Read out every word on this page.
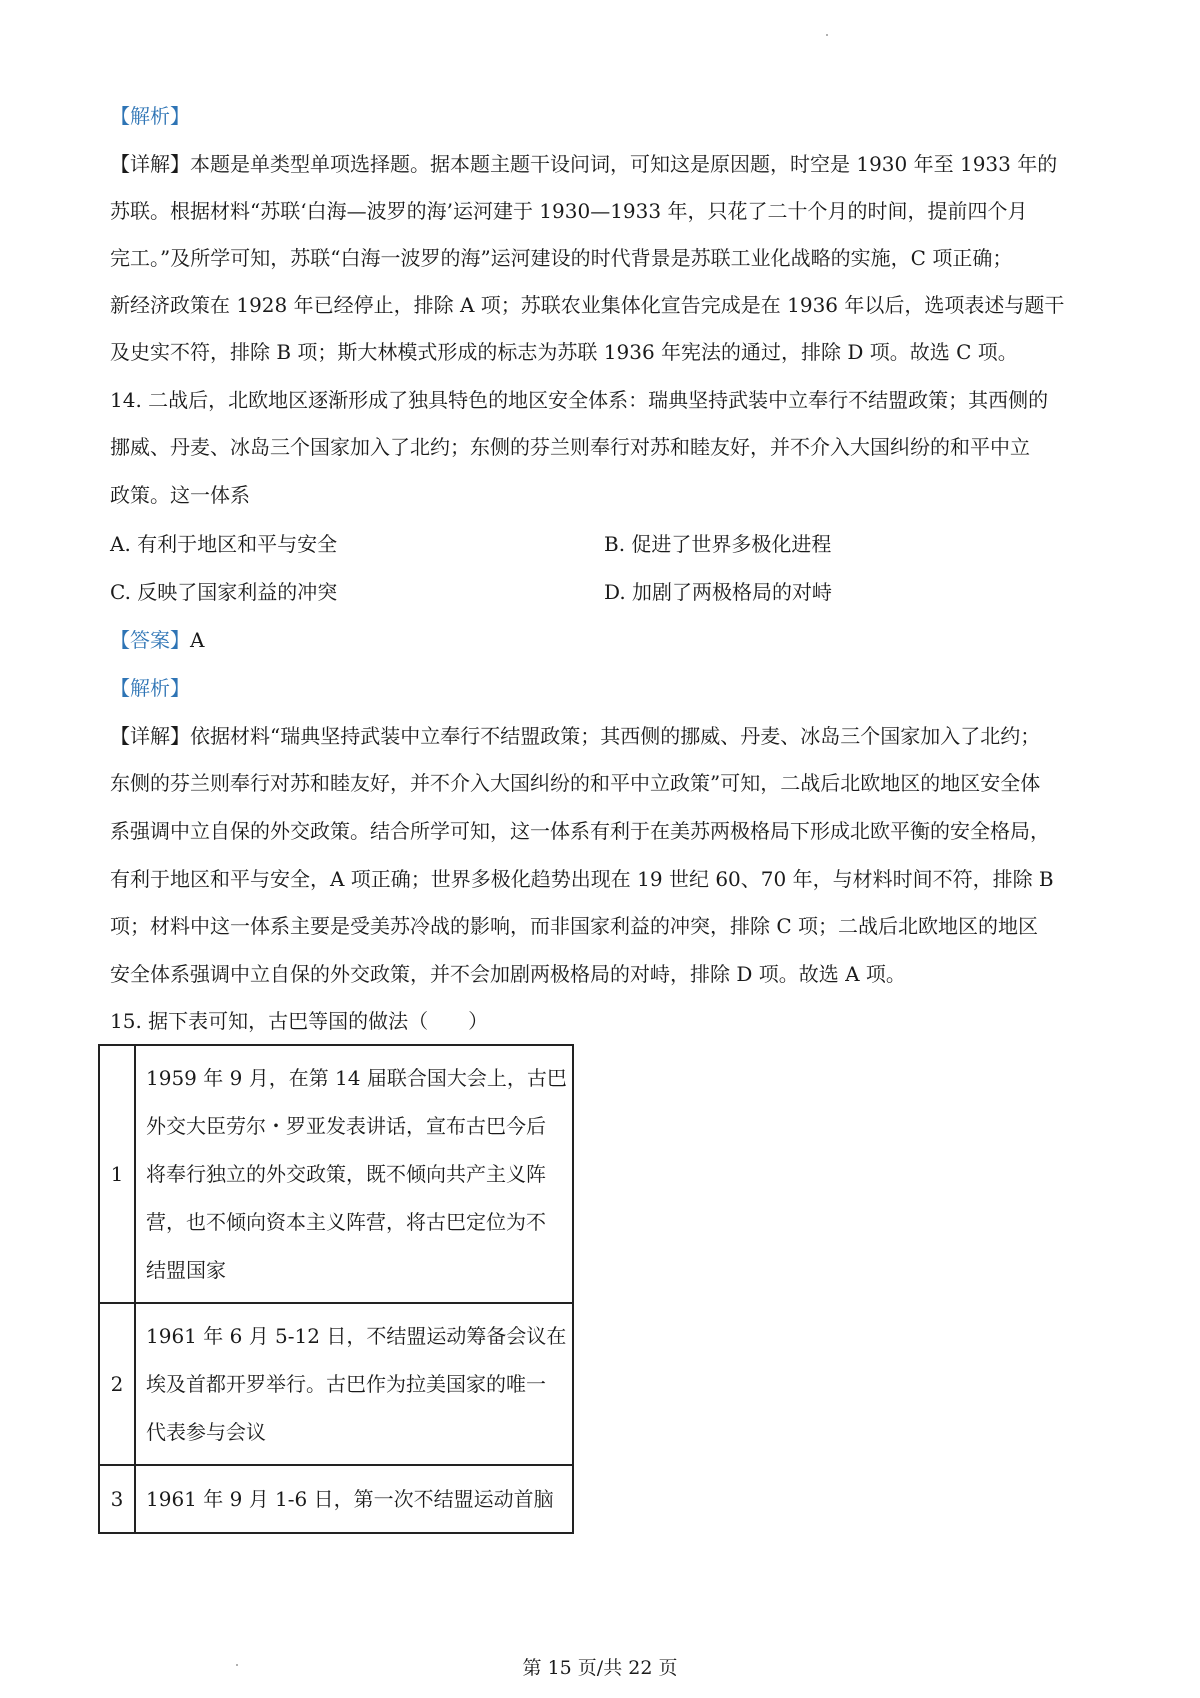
【解析】
【详解】本题是单类型单项选择题。据本题主题干设问词，可知这是原因题，时空是 1930 年至 1933 年的
苏联。根据材料“苏联‘白海—波罗的海’运河建于 1930—1933 年，只花了二十个月的时间，提前四个月
完工。”及所学可知，苏联“白海一波罗的海”运河建设的时代背景是苏联工业化战略的实施，C 项正确；
新经济政策在 1928 年已经停止，排除 A 项；苏联农业集体化宣告完成是在 1936 年以后，选项表述与题干
及史实不符，排除 B 项；斯大林模式形成的标志为苏联 1936 年宪法的通过，排除 D 项。故选 C 项。
14. 二战后，北欧地区逐渐形成了独具特色的地区安全体系：瑞典坚持武装中立奉行不结盟政策；其西侧的
挪威、丹麦、冰岛三个国家加入了北约；东侧的芬兰则奉行对苏和睦友好，并不介入大国纠纷的和平中立
政策。这一体系
A. 有利于地区和平与安全	B. 促进了世界多极化进程
C. 反映了国家利益的冲突	D. 加剧了两极格局的对峙
【答案】A
【解析】
【详解】依据材料“瑞典坚持武装中立奉行不结盟政策；其西侧的挪威、丹麦、冰岛三个国家加入了北约；
东侧的芬兰则奉行对苏和睦友好，并不介入大国纠纷的和平中立政策”可知，二战后北欧地区的地区安全体
系强调中立自保的外交政策。结合所学可知，这一体系有利于在美苏两极格局下形成北欧平衡的安全格局，
有利于地区和平与安全，A 项正确；世界多极化趋势出现在 19 世纪 60、70 年，与材料时间不符，排除 B
项；材料中这一体系主要是受美苏冷战的影响，而非国家利益的冲突，排除 C 项；二战后北欧地区的地区
安全体系强调中立自保的外交政策，并不会加剧两极格局的对峙，排除 D 项。故选 A 项。
15. 据下表可知，古巴等国的做法（　　）
1	1959 年 9 月，在第 14 届联合国大会上，古巴
外交大臣劳尔・罗亚发表讲话，宣布古巴今后
将奉行独立的外交政策，既不倾向共产主义阵
营，也不倾向资本主义阵营，将古巴定位为不
结盟国家

2	1961 年 6 月 5-12 日，不结盟运动筹备会议在
埃及首都开罗举行。古巴作为拉美国家的唯一
代表参与会议

3	1961 年 9 月 1-6 日，第一次不结盟运动首脑
第 15 页/共 22 页
